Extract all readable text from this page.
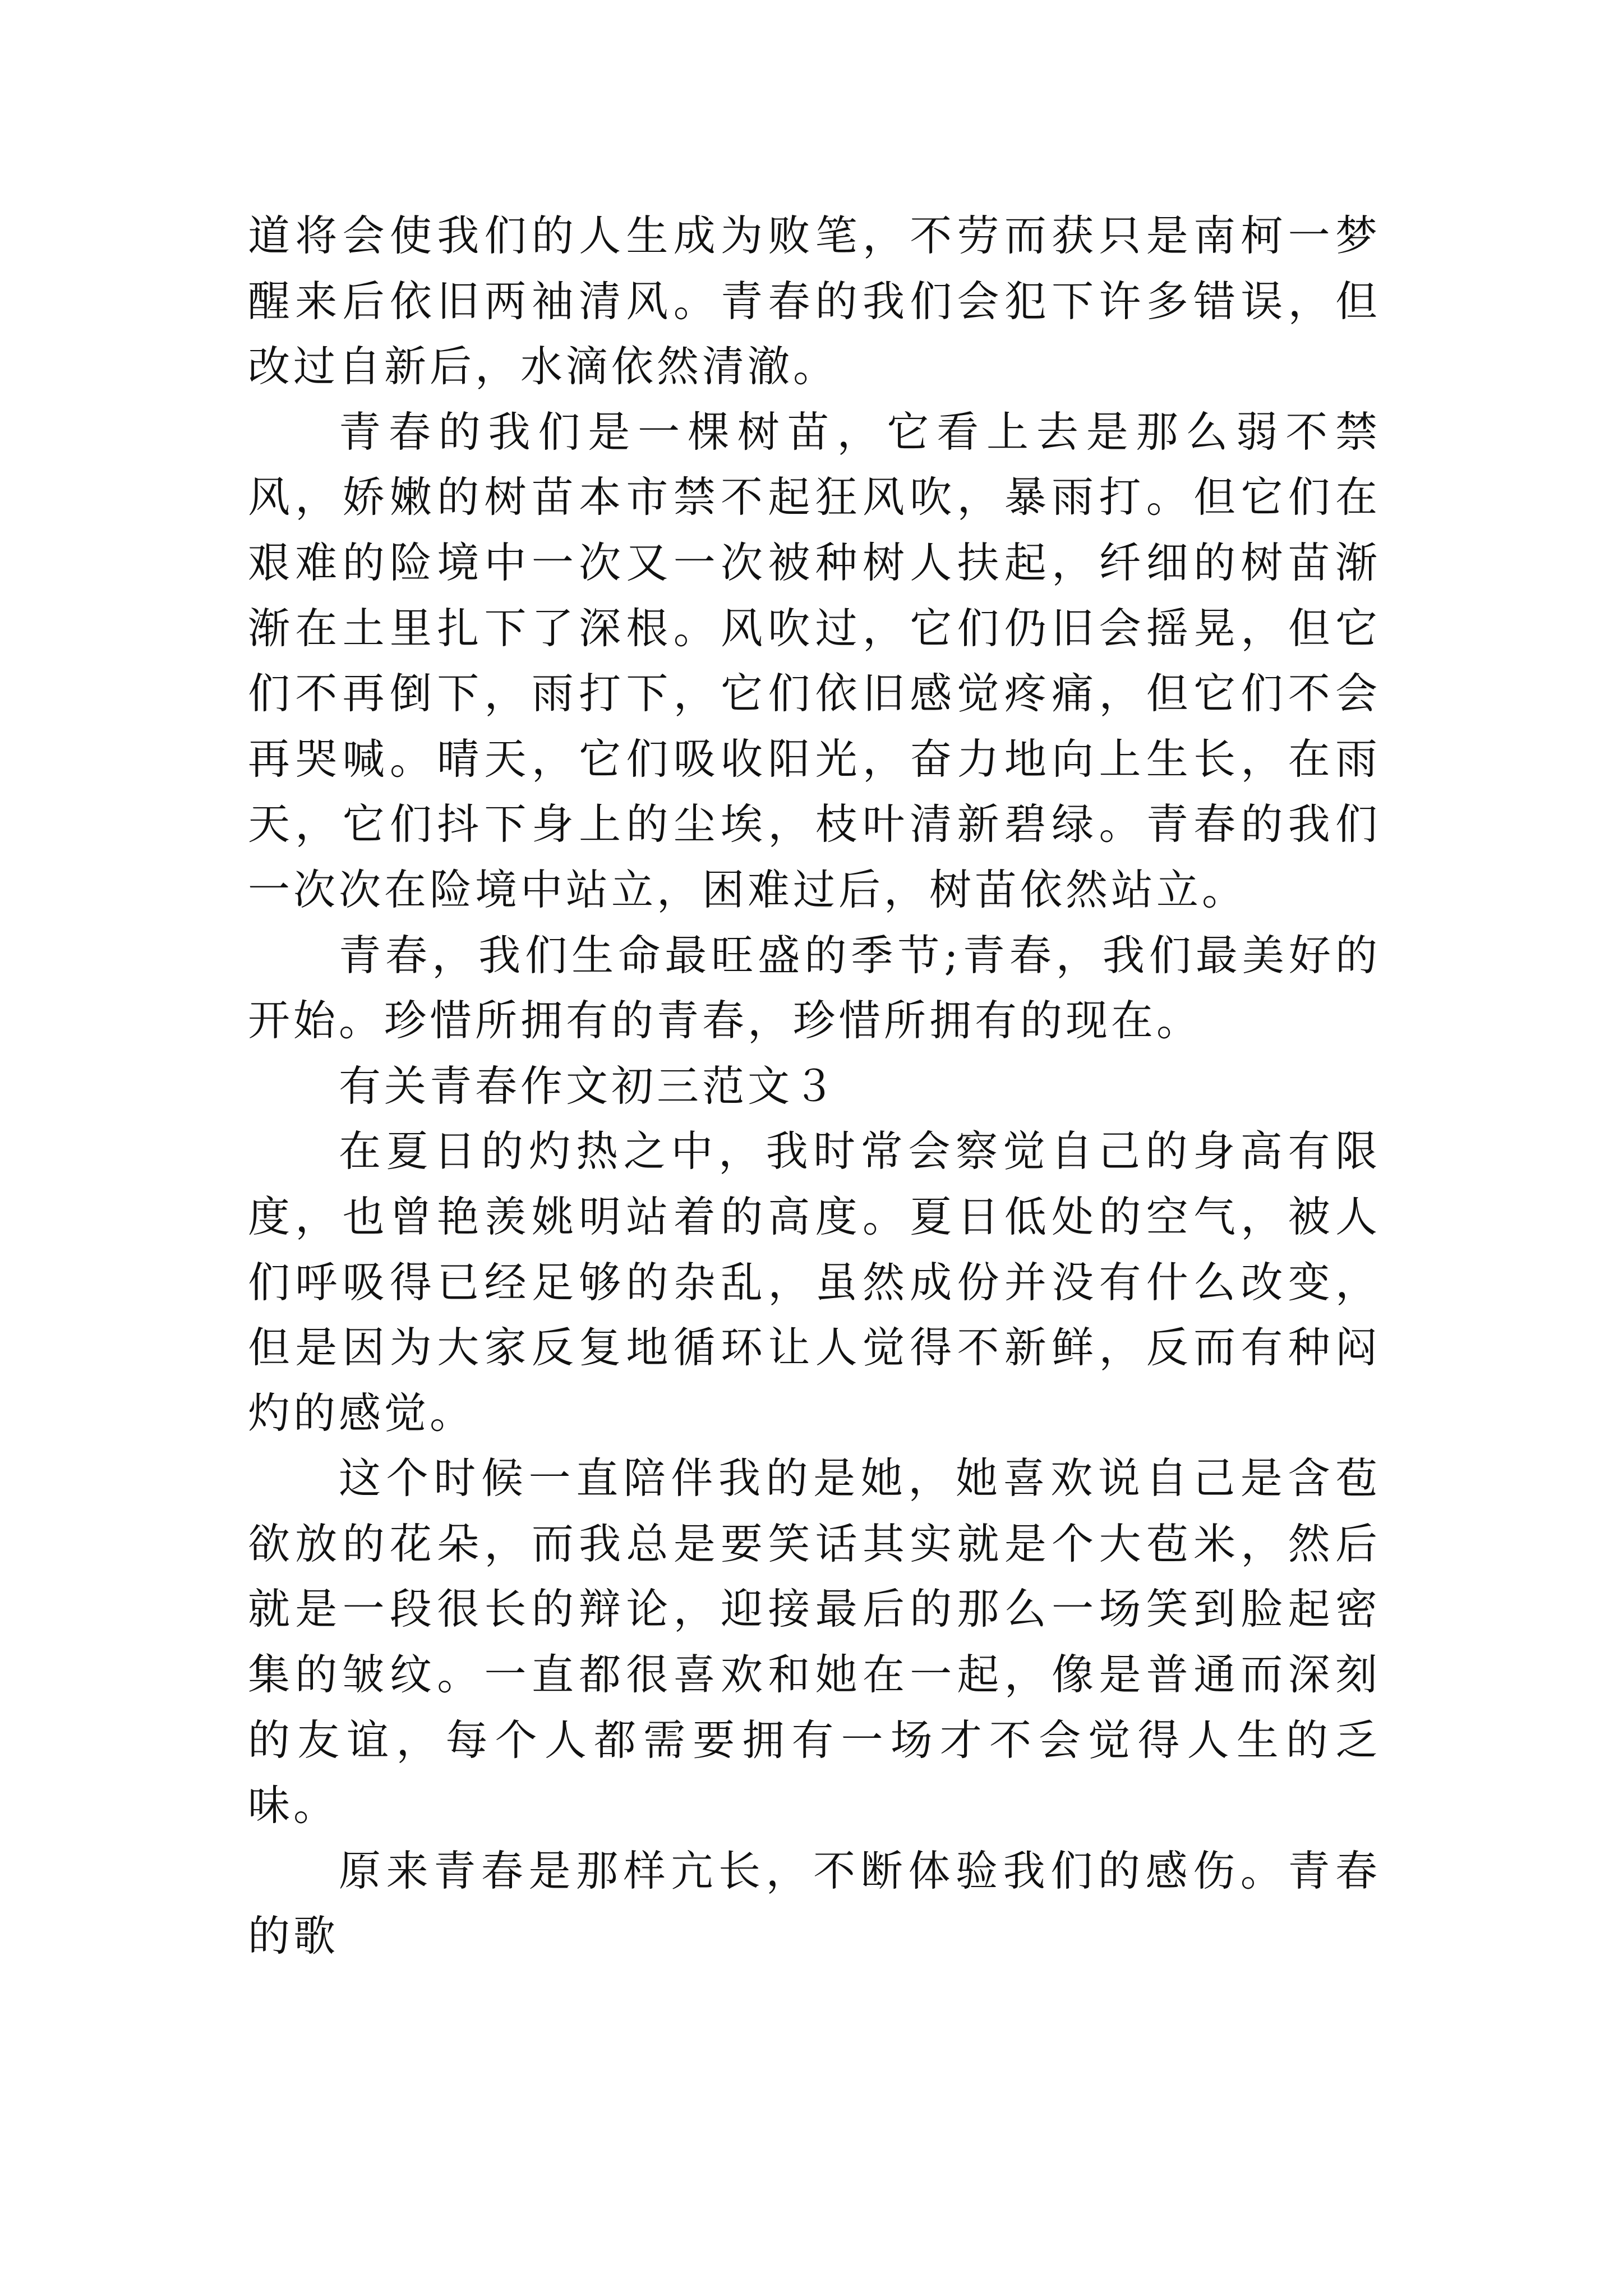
道将会使我们的人生成为败笔，不劳而获只是南柯一梦醒来后依旧两袖清风。青春的我们会犯下许多错误，但改过自新后，水滴依然清澈。

青春的我们是一棵树苗，它看上去是那么弱不禁风，娇嫩的树苗本市禁不起狂风吹，暴雨打。但它们在艰难的险境中一次又一次被种树人扶起，纤细的树苗渐渐在土里扎下了深根。风吹过，它们仍旧会摇晃，但它们不再倒下，雨打下，它们依旧感觉疼痛，但它们不会再哭喊。晴天，它们吸收阳光，奋力地向上生长，在雨天，它们抖下身上的尘埃，枝叶清新碧绿。青春的我们一次次在险境中站立，困难过后，树苗依然站立。

青春，我们生命最旺盛的季节;青春，我们最美好的开始。珍惜所拥有的青春，珍惜所拥有的现在。

有关青春作文初三范文３

在夏日的灼热之中，我时常会察觉自己的身高有限度，也曾艳羡姚明站着的高度。夏日低处的空气，被人们呼吸得已经足够的杂乱，虽然成份并没有什么改变，但是因为大家反复地循环让人觉得不新鲜，反而有种闷灼的感觉。

这个时候一直陪伴我的是她，她喜欢说自己是含苞欲放的花朵，而我总是要笑话其实就是个大苞米，然后就是一段很长的辩论，迎接最后的那么一场笑到脸起密集的皱纹。一直都很喜欢和她在一起，像是普通而深刻的友谊，每个人都需要拥有一场才不会觉得人生的乏味。

原来青春是那样亢长，不断体验我们的感伤。青春的歌
